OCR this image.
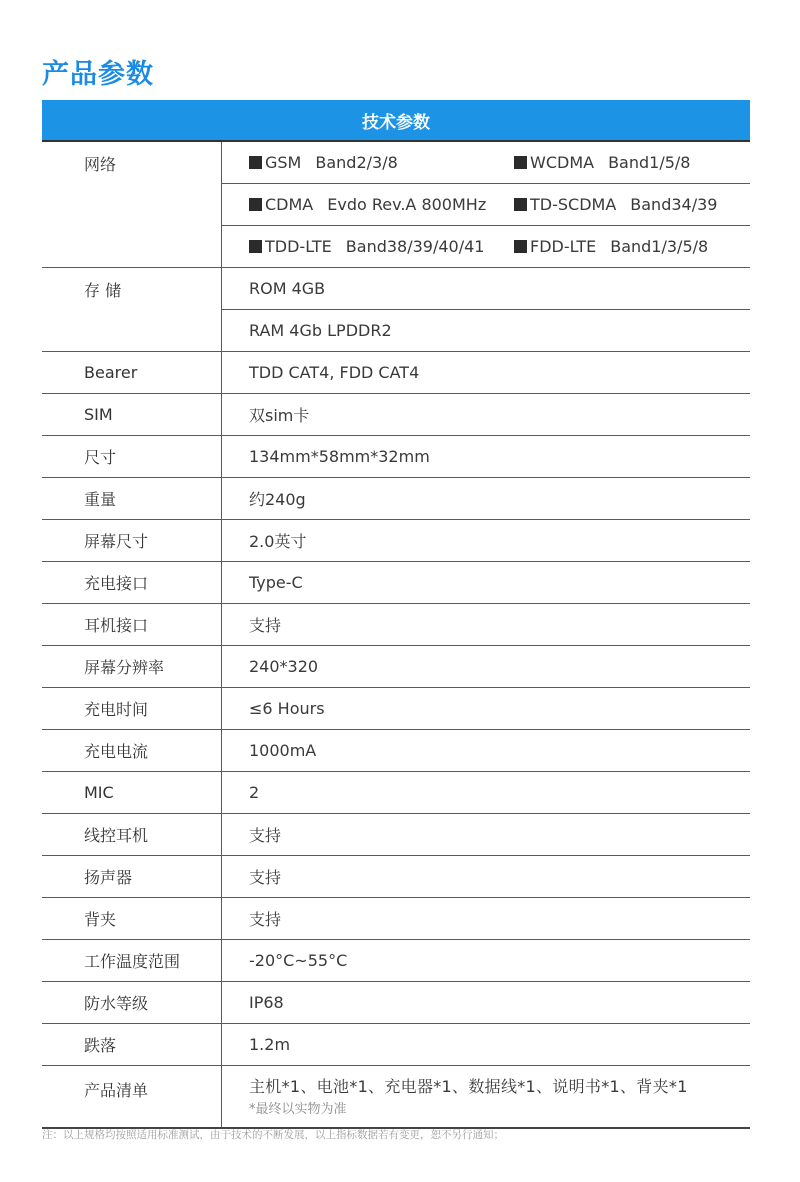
产品参数
技术参数
网络	GSM Band2/3/8	WCDMA Band1/5/8
CDMA Evdo Rev.A 800MHz	TD-SCDMA Band34/39
TDD-LTE Band38/39/40/41	FDD-LTE Band1/3/5/8
存 储	ROM 4GB
RAM 4Gb LPDDR2
Bearer	TDD CAT4, FDD CAT4
SIM	双sim卡
尺寸	134mm*58mm*32mm
重量	约240g
屏幕尺寸	2.0英寸
充电接口	Type-C
耳机接口	支持
屏幕分辨率	240*320
充电时间	≤6 Hours
充电电流	1000mA
MIC	2
线控耳机	支持
扬声器	支持
背夹	支持
工作温度范围	-20°C~55°C
防水等级	IP68
跌落	1.2m
产品清单	主机*1、电池*1、充电器*1、数据线*1、说明书*1、背夹*1
*最终以实物为准
注：以上规格均按照适用标准测试，由于技术的不断发展，以上指标数据若有变更，恕不另行通知；
